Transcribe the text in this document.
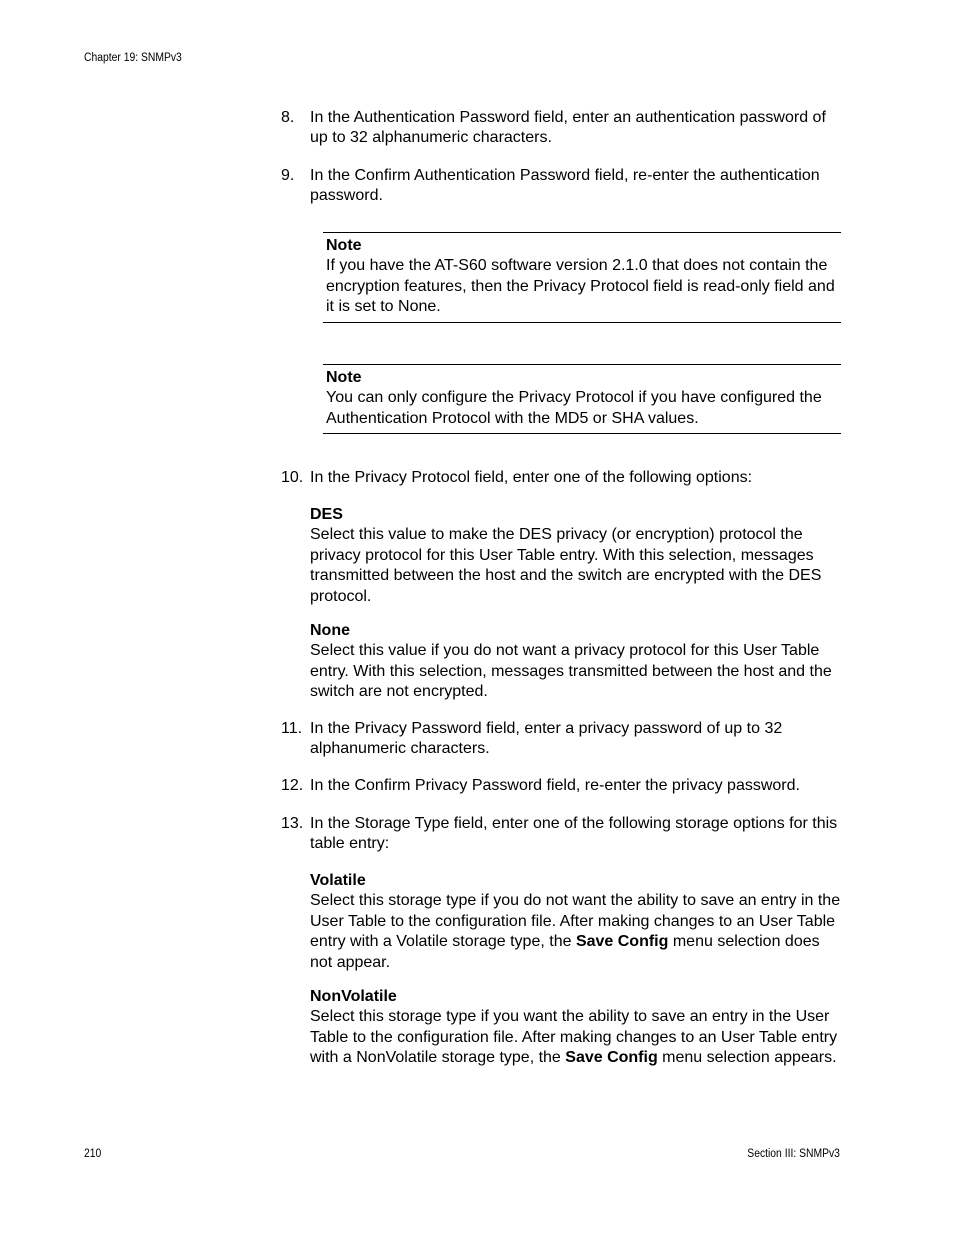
Chapter 19: SNMPv3
8. In the Authentication Password field, enter an authentication password of up to 32 alphanumeric characters.
9. In the Confirm Authentication Password field, re-enter the authentication password.
Note
If you have the AT-S60 software version 2.1.0 that does not contain the encryption features, then the Privacy Protocol field is read-only field and it is set to None.
Note
You can only configure the Privacy Protocol if you have configured the Authentication Protocol with the MD5 or SHA values.
10. In the Privacy Protocol field, enter one of the following options:
DES
Select this value to make the DES privacy (or encryption) protocol the privacy protocol for this User Table entry. With this selection, messages transmitted between the host and the switch are encrypted with the DES protocol.
None
Select this value if you do not want a privacy protocol for this User Table entry. With this selection, messages transmitted between the host and the switch are not encrypted.
11. In the Privacy Password field, enter a privacy password of up to 32 alphanumeric characters.
12. In the Confirm Privacy Password field, re-enter the privacy password.
13. In the Storage Type field, enter one of the following storage options for this table entry:
Volatile
Select this storage type if you do not want the ability to save an entry in the User Table to the configuration file. After making changes to an User Table entry with a Volatile storage type, the Save Config menu selection does not appear.
NonVolatile
Select this storage type if you want the ability to save an entry in the User Table to the configuration file. After making changes to an User Table entry with a NonVolatile storage type, the Save Config menu selection appears.
210	Section III: SNMPv3
